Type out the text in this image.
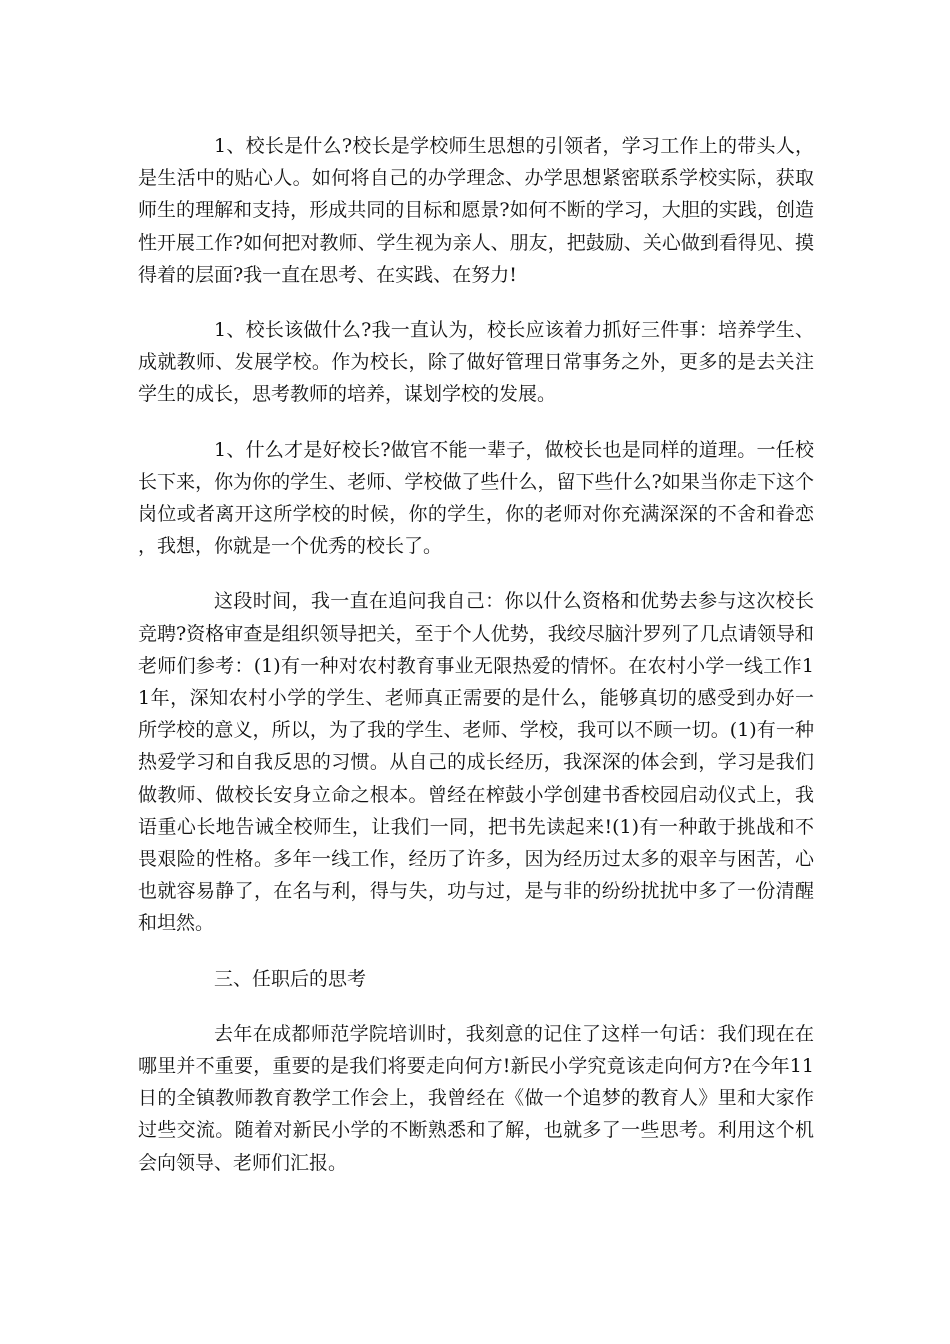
1、校长是什么?校长是学校师生思想的引领者，学习工作上的带头人，是生活中的贴心人。如何将自己的办学理念、办学思想紧密联系学校实际，获取师生的理解和支持，形成共同的目标和愿景?如何不断的学习，大胆的实践，创造性开展工作?如何把对教师、学生视为亲人、朋友，把鼓励、关心做到看得见、摸得着的层面?我一直在思考、在实践、在努力!

1、校长该做什么?我一直认为，校长应该着力抓好三件事：培养学生、成就教师、发展学校。作为校长，除了做好管理日常事务之外，更多的是去关注学生的成长，思考教师的培养，谋划学校的发展。

1、什么才是好校长?做官不能一辈子，做校长也是同样的道理。一任校长下来，你为你的学生、老师、学校做了些什么，留下些什么?如果当你走下这个岗位或者离开这所学校的时候，你的学生，你的老师对你充满深深的不舍和眷恋，我想，你就是一个优秀的校长了。

这段时间，我一直在追问我自己：你以什么资格和优势去参与这次校长竞聘?资格审查是组织领导把关，至于个人优势，我绞尽脑汁罗列了几点请领导和老师们参考：(1)有一种对农村教育事业无限热爱的情怀。在农村小学一线工作11年，深知农村小学的学生、老师真正需要的是什么，能够真切的感受到办好一所学校的意义，所以，为了我的学生、老师、学校，我可以不顾一切。(1)有一种热爱学习和自我反思的习惯。从自己的成长经历，我深深的体会到，学习是我们做教师、做校长安身立命之根本。曾经在榨鼓小学创建书香校园启动仪式上，我语重心长地告诫全校师生，让我们一同，把书先读起来!(1)有一种敢于挑战和不畏艰险的性格。多年一线工作，经历了许多，因为经历过太多的艰辛与困苦，心也就容易静了，在名与利，得与失，功与过，是与非的纷纷扰扰中多了一份清醒和坦然。

三、任职后的思考

去年在成都师范学院培训时，我刻意的记住了这样一句话：我们现在在哪里并不重要，重要的是我们将要走向何方!新民小学究竟该走向何方?在今年11日的全镇教师教育教学工作会上，我曾经在《做一个追梦的教育人》里和大家作过些交流。随着对新民小学的不断熟悉和了解，也就多了一些思考。利用这个机会向领导、老师们汇报。
